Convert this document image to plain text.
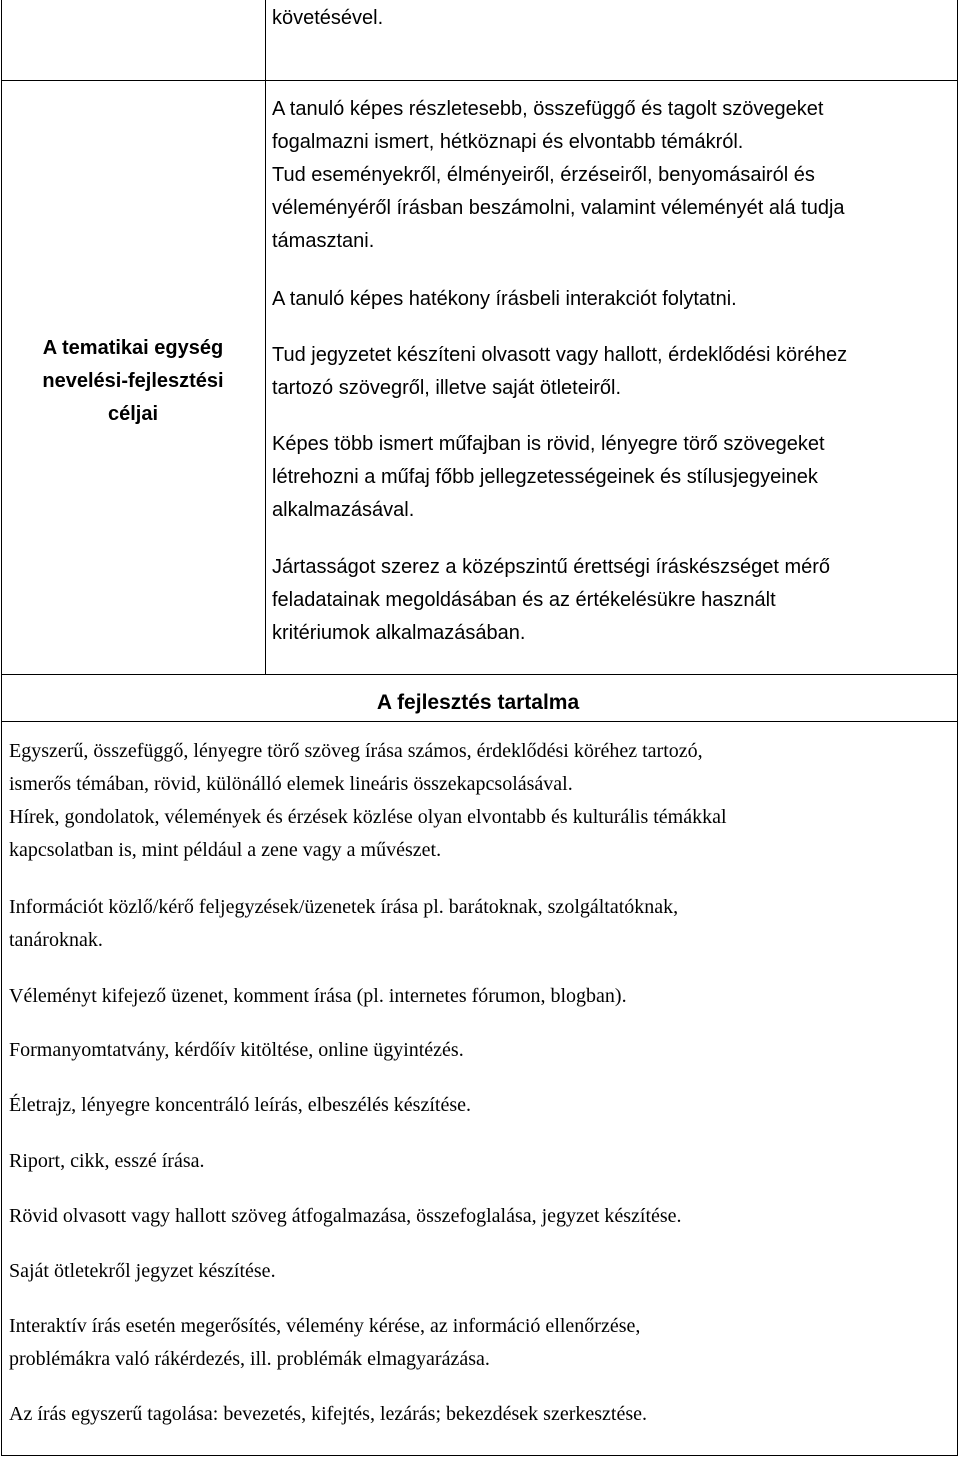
követésével.
A tematikai egység
nevelési-fejlesztési
céljai
A tanuló képes részletesebb, összefüggő és tagolt szövegeket
fogalmazni ismert, hétköznapi és elvontabb témákról.
Tud eseményekről, élményeiről, érzéseiről, benyomásairól és
véleményéről írásban beszámolni, valamint véleményét alá tudja
támasztani.
A tanuló képes hatékony írásbeli interakciót folytatni.
Tud jegyzetet készíteni olvasott vagy hallott, érdeklődési köréhez
tartozó szövegről, illetve saját ötleteiről.
Képes több ismert műfajban is rövid, lényegre törő szövegeket
létrehozni a műfaj főbb jellegzetességeinek és stílusjegyeinek
alkalmazásával.
Jártasságot szerez a középszintű érettségi íráskészséget mérő
feladatainak megoldásában és az értékelésükre használt
kritériumok alkalmazásában.
A fejlesztés tartalma
Egyszerű, összefüggő, lényegre törő szöveg írása számos, érdeklődési köréhez tartozó,
ismerős témában, rövid, különálló elemek lineáris összekapcsolásával.
Hírek, gondolatok, vélemények és érzések közlése olyan elvontabb és kulturális témákkal
kapcsolatban is, mint például a zene vagy a művészet.
Információt közlő/kérő feljegyzések/üzenetek írása pl. barátoknak, szolgáltatóknak,
tanároknak.
Véleményt kifejező üzenet, komment írása (pl. internetes fórumon, blogban).
Formanyomtatvány, kérdőív kitöltése, online ügyintézés.
Életrajz, lényegre koncentráló leírás, elbeszélés készítése.
Riport, cikk, esszé írása.
Rövid olvasott vagy hallott szöveg átfogalmazása, összefoglalása, jegyzet készítése.
Saját ötletekről jegyzet készítése.
Interaktív írás esetén megerősítés, vélemény kérése, az információ ellenőrzése,
problémákra való rákérdezés, ill. problémák elmagyarázása.
Az írás egyszerű tagolása: bevezetés, kifejtés, lezárás; bekezdések szerkesztése.
